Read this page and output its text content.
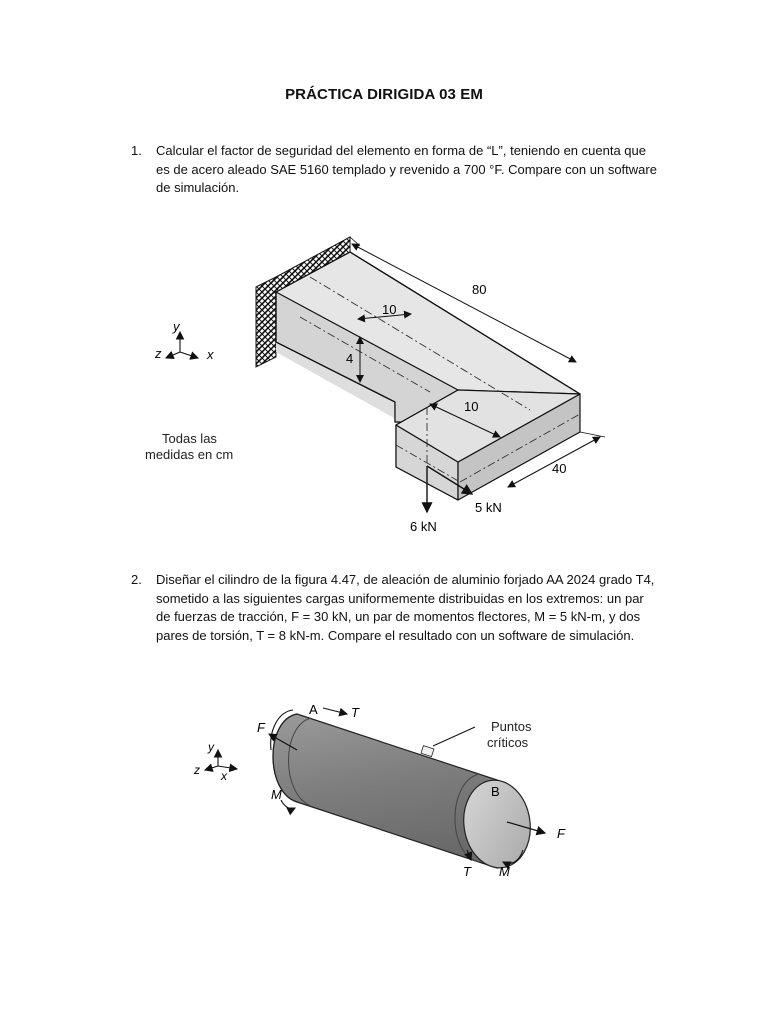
PRÁCTICA DIRIGIDA 03 EM
1. Calcular el factor de seguridad del elemento en forma de “L”, teniendo en cuenta que es de acero aleado SAE 5160 templado y revenido a 700 °F. Compare con un software de simulación.
80
10
4
10
40
6 kN
5 kN
y
z	x
Todas las
medidas en cm
2. Diseñar el cilindro de la figura 4.47, de aleación de aluminio forjado AA 2024 grado T4, sometido a las siguientes cargas uniformemente distribuidas en los extremos: un par de fuerzas de tracción, F = 30 kN, un par de momentos flectores, M = 5 kN-m, y dos pares de torsión, T = 8 kN-m. Compare el resultado con un software de simulación.
Puntos
críticos
A	T
F
M	B
F
T M
y
z x
